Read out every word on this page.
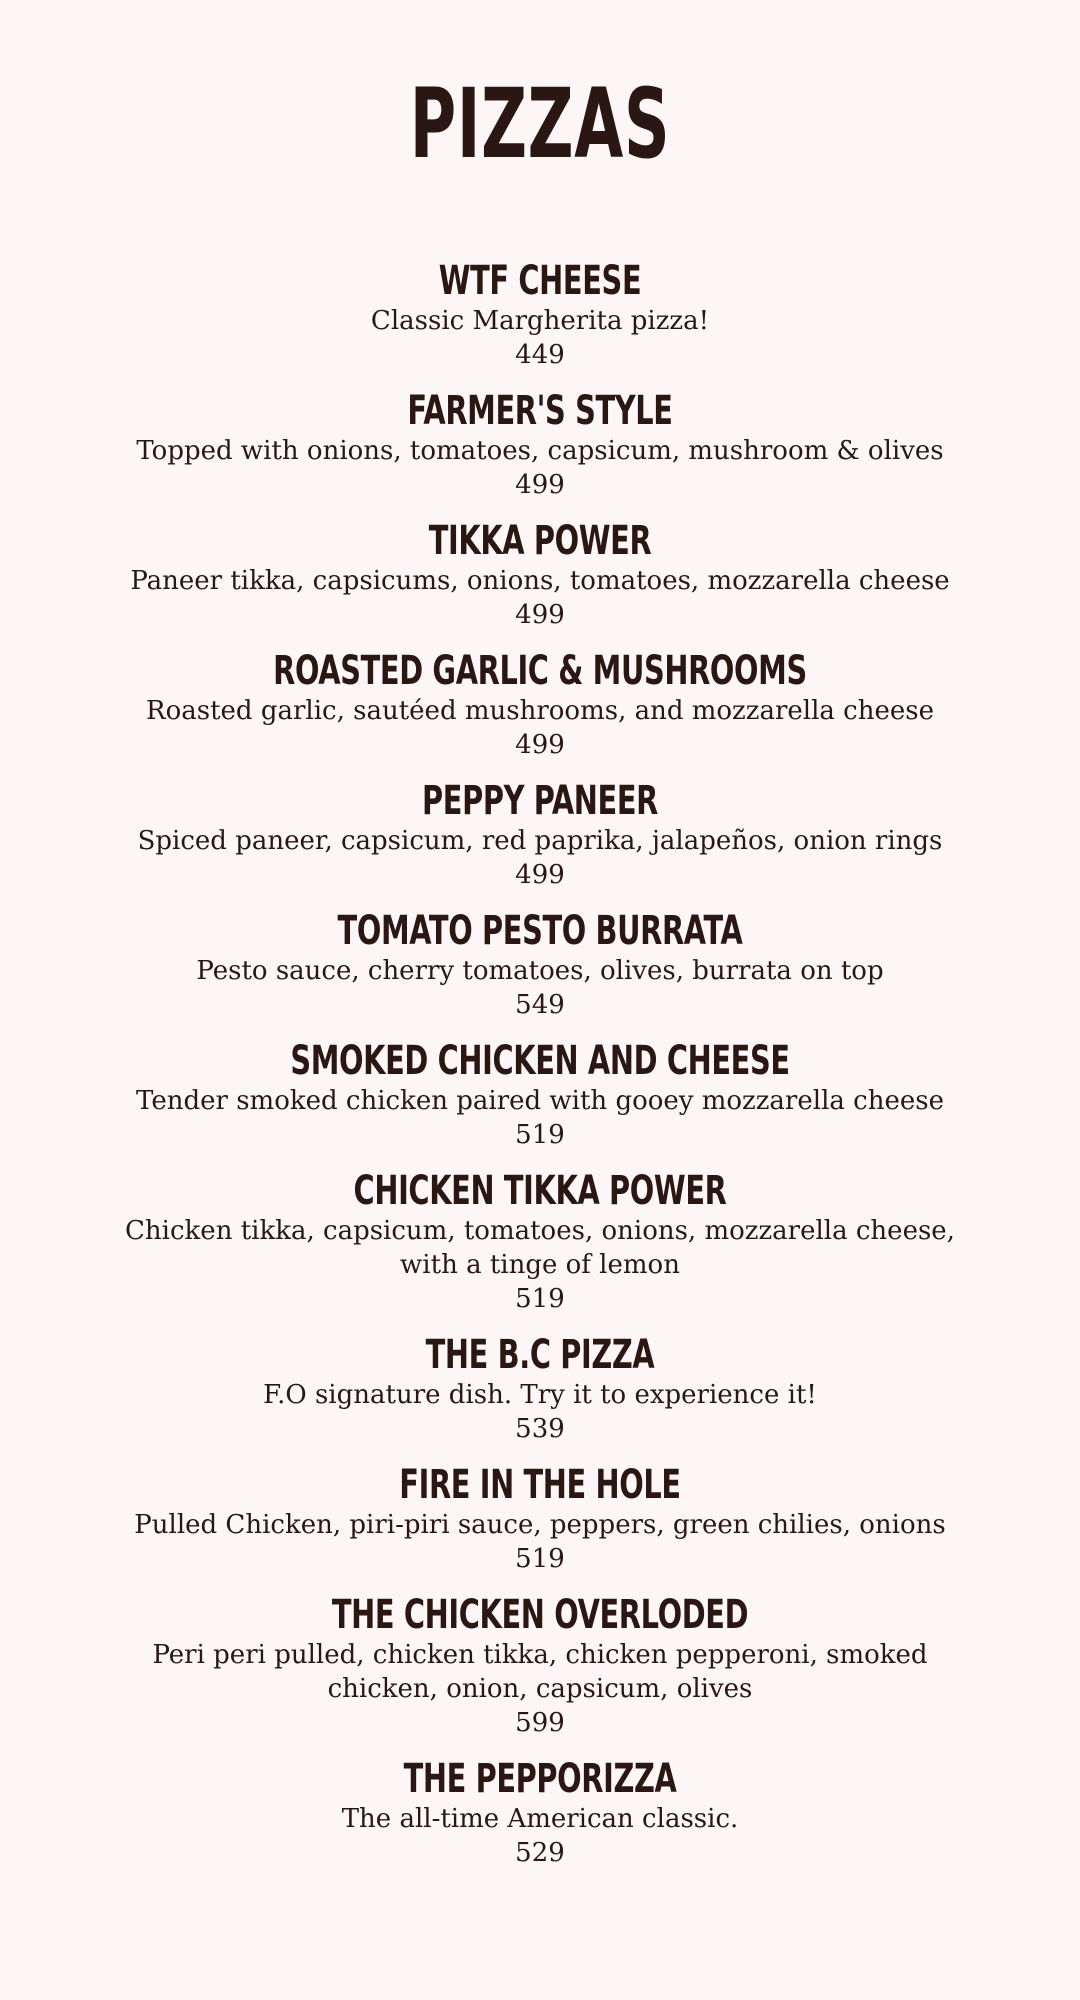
PIZZAS
WTF CHEESE
Classic Margherita pizza!
449
FARMER'S STYLE
Topped with onions, tomatoes, capsicum, mushroom & olives
499
TIKKA POWER
Paneer tikka, capsicums, onions, tomatoes, mozzarella cheese
499
ROASTED GARLIC & MUSHROOMS
Roasted garlic, sautéed mushrooms, and mozzarella cheese
499
PEPPY PANEER
Spiced paneer, capsicum, red paprika, jalapeños, onion rings
499
TOMATO PESTO BURRATA
Pesto sauce, cherry tomatoes, olives, burrata on top
549
SMOKED CHICKEN AND CHEESE
Tender smoked chicken paired with gooey mozzarella cheese
519
CHICKEN TIKKA POWER
Chicken tikka, capsicum, tomatoes, onions, mozzarella cheese, with a tinge of lemon
519
THE B.C PIZZA
F.O signature dish. Try it to experience it!
539
FIRE IN THE HOLE
Pulled Chicken, piri-piri sauce, peppers, green chilies, onions
519
THE CHICKEN OVERLODED
Peri peri pulled, chicken tikka, chicken pepperoni, smoked chicken, onion, capsicum, olives
599
THE PEPPORIZZA
The all-time American classic.
529
